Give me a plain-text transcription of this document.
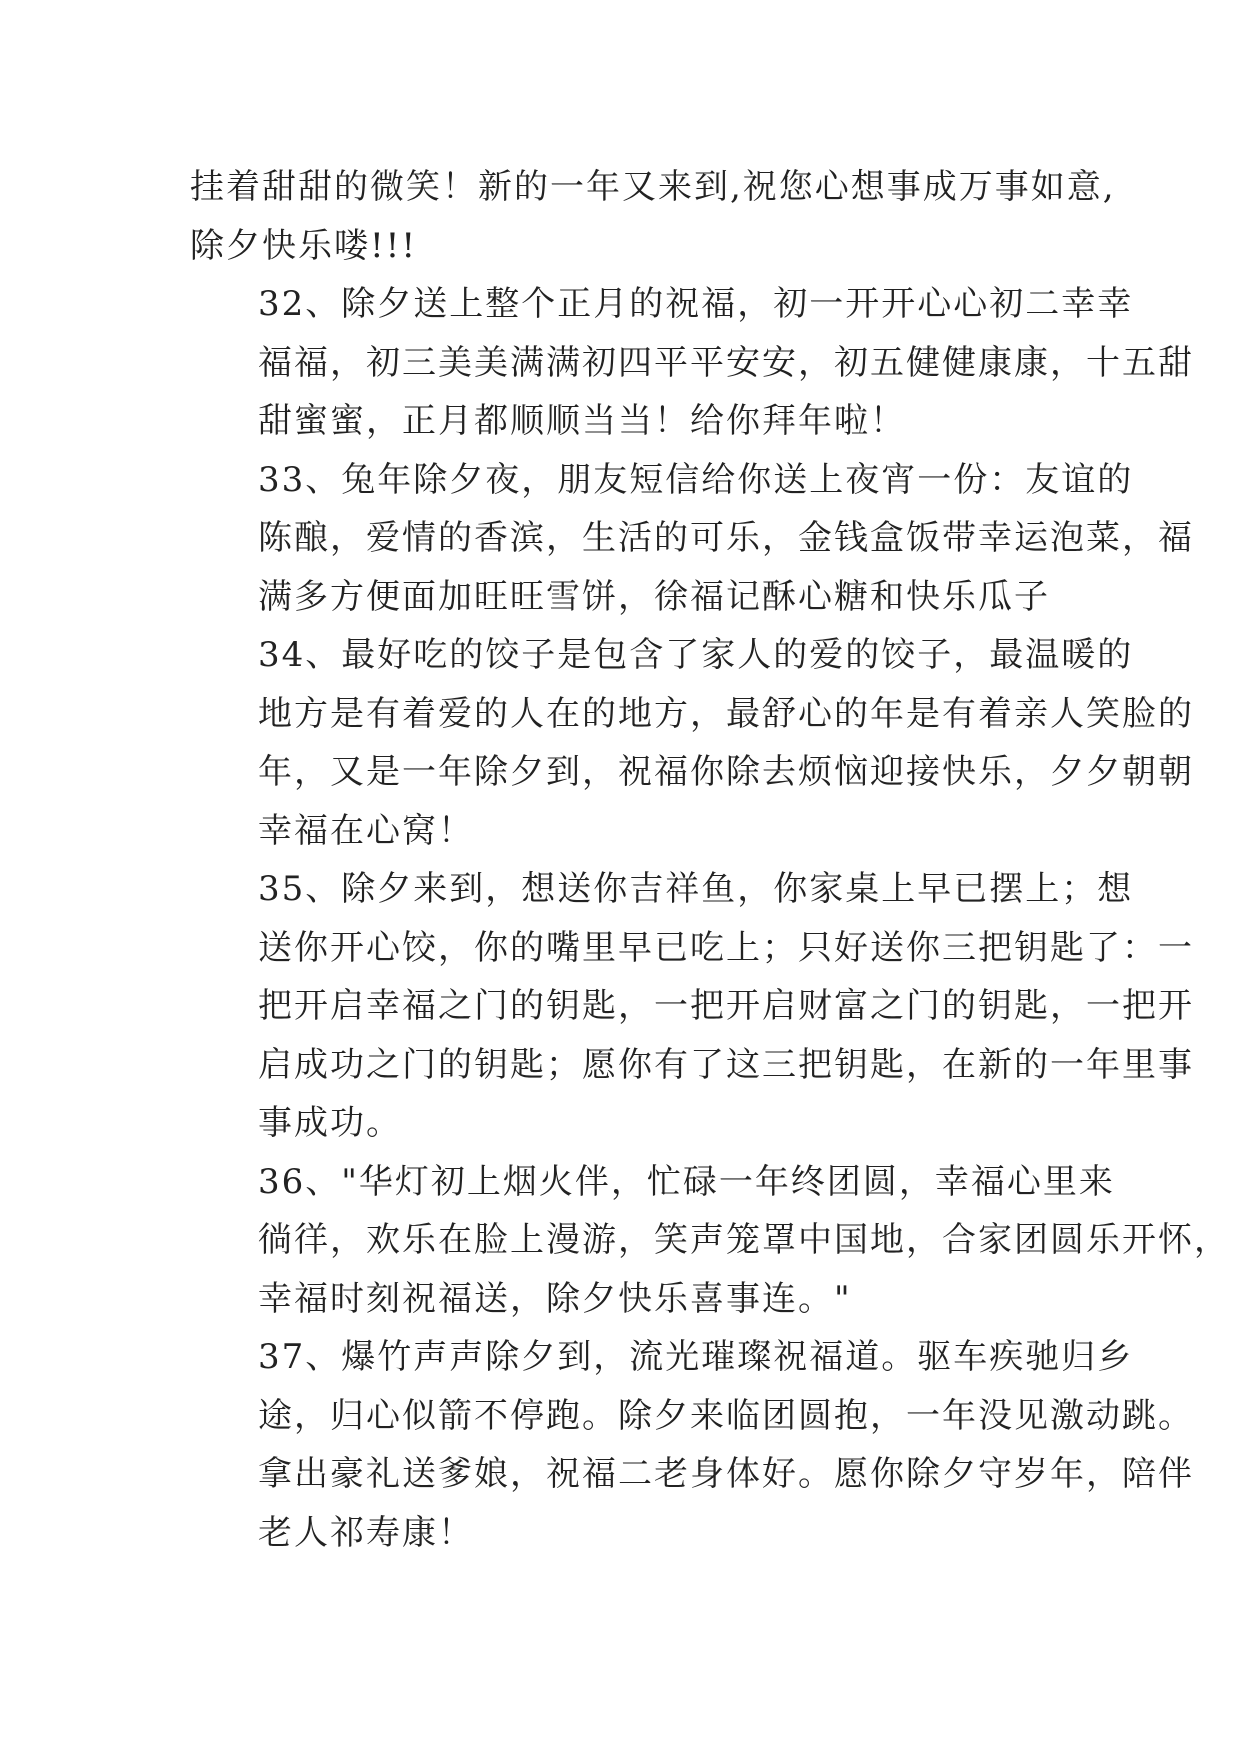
挂着甜甜的微笑！新的一年又来到,祝您心想事成万事如意,
除夕快乐喽!!!

32、除夕送上整个正月的祝福，初一开开心心初二幸幸
福福，初三美美满满初四平平安安，初五健健康康，十五甜
甜蜜蜜，正月都顺顺当当！给你拜年啦！

33、兔年除夕夜，朋友短信给你送上夜宵一份：友谊的
陈酿，爱情的香滨，生活的可乐，金钱盒饭带幸运泡菜，福
满多方便面加旺旺雪饼，徐福记酥心糖和快乐瓜子

34、最好吃的饺子是包含了家人的爱的饺子，最温暖的
地方是有着爱的人在的地方，最舒心的年是有着亲人笑脸的
年，又是一年除夕到，祝福你除去烦恼迎接快乐，夕夕朝朝
幸福在心窝！

35、除夕来到，想送你吉祥鱼，你家桌上早已摆上；想
送你开心饺，你的嘴里早已吃上；只好送你三把钥匙了：一
把开启幸福之门的钥匙，一把开启财富之门的钥匙，一把开
启成功之门的钥匙；愿你有了这三把钥匙，在新的一年里事
事成功。

36、"华灯初上烟火伴，忙碌一年终团圆，幸福心里来
徜徉，欢乐在脸上漫游，笑声笼罩中国地，合家团圆乐开怀，
幸福时刻祝福送，除夕快乐喜事连。"

37、爆竹声声除夕到，流光璀璨祝福道。驱车疾驰归乡
途，归心似箭不停跑。除夕来临团圆抱，一年没见激动跳。
拿出豪礼送爹娘，祝福二老身体好。愿你除夕守岁年，陪伴
老人祁寿康！
